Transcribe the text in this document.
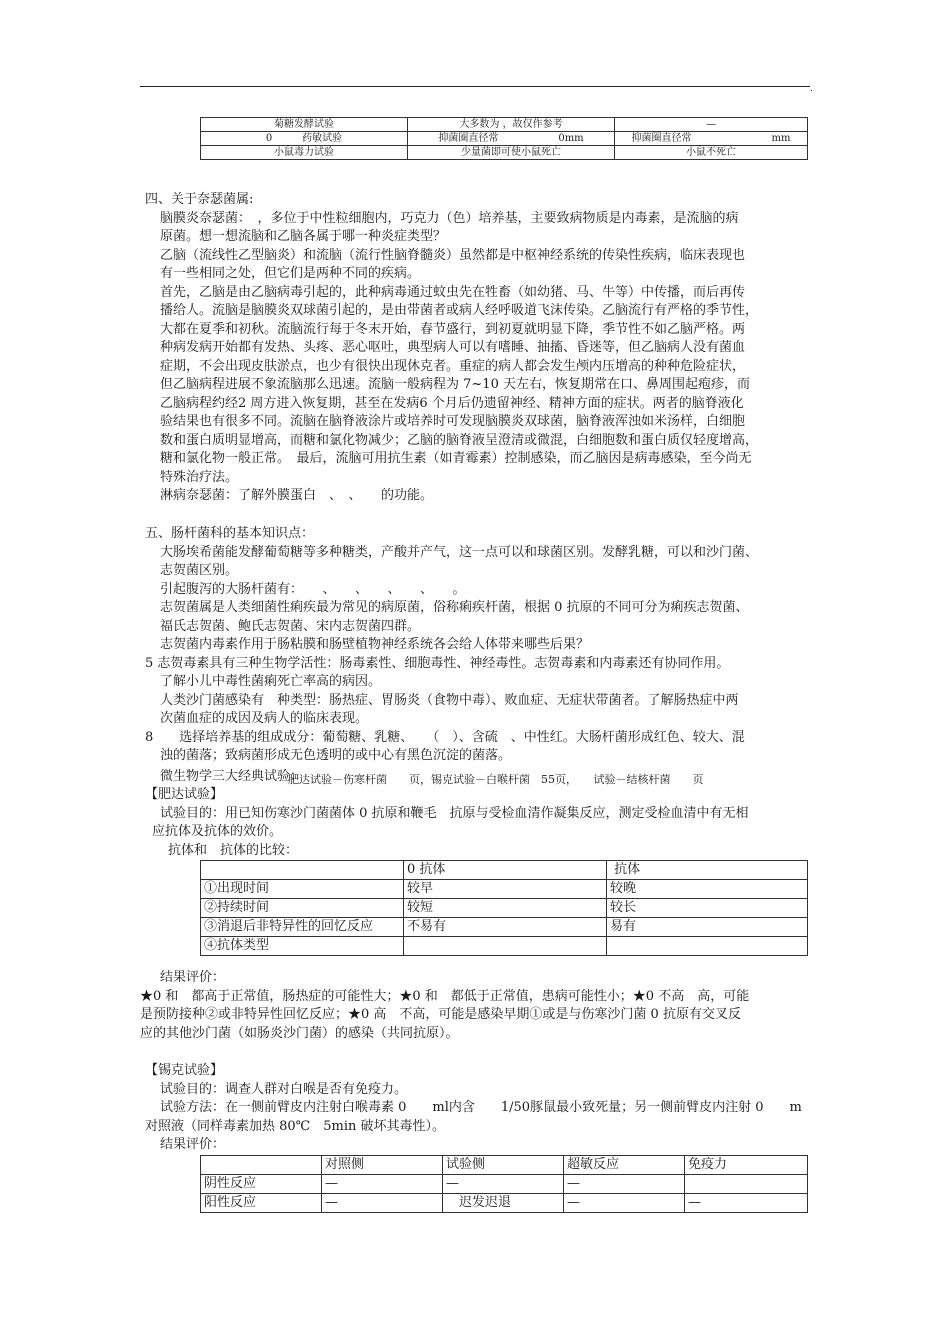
.
菊糖发酵试验	大多数为 ，故仅作参考	—
0　　　药敏试验	抑菌圈直径常　　　　　　0mm	抑菌圈直径常　　　　　　　　mm
小鼠毒力试验	少量菌即可使小鼠死亡	小鼠不死亡
四、关于奈瑟菌属:
脑膜炎奈瑟菌：　，多位于中性粒细胞内，巧克力（色）培养基，主要致病物质是内毒素，是流脑的病
原菌。想一想流脑和乙脑各属于哪一种炎症类型？
乙脑（流线性乙型脑炎）和流脑（流行性脑脊髓炎）虽然都是中枢神经系统的传染性疾病，临床表现也
有一些相同之处，但它们是两种不同的疾病。
首先，乙脑是由乙脑病毒引起的，此种病毒通过蚊虫先在牲畜（如幼猪、马、牛等）中传播，而后再传
播给人。流脑是脑膜炎双球菌引起的，是由带菌者或病人经呼吸道飞沫传染。乙脑流行有严格的季节性，
大都在夏季和初秋。流脑流行每于冬末开始，春节盛行，到初夏就明显下降，季节性不如乙脑严格。两
种病发病开始都有发热、头疼、恶心呕吐，典型病人可以有嗜睡、抽搐、昏迷等，但乙脑病人没有菌血
症期，不会出现皮肤淤点，也少有很快出现休克者。重症的病人都会发生颅内压增高的种种危险症状，
但乙脑病程进展不象流脑那么迅速。流脑一般病程为 7~10 天左右，恢复期常在口、鼻周围起疱疹，而
乙脑病程约经2 周方进入恢复期，甚至在发病6 个月后仍遗留神经、精神方面的症状。两者的脑脊液化
验结果也有很多不同。流脑在脑脊液涂片或培养时可发现脑膜炎双球菌，脑脊液浑浊如米汤样，白细胞
数和蛋白质明显增高，而糖和氯化物减少；乙脑的脑脊液呈澄清或微混，白细胞数和蛋白质仅轻度增高，
糖和氯化物一般正常。　最后，流脑可用抗生素（如青霉素）控制感染，而乙脑因是病毒感染，至今尚无
特殊治疗法。
淋病奈瑟菌：了解外膜蛋白　、　、　　的功能。
五、肠杆菌科的基本知识点：
大肠埃希菌能发酵葡萄糖等多种糖类，产酸并产气，这一点可以和球菌区别。发酵乳糖，可以和沙门菌、
志贺菌区别。
引起腹泻的大肠杆菌有：　　、　　、　　、　　、　　。
志贺菌属是人类细菌性痢疾最为常见的病原菌，俗称痢疾杆菌，根据 0 抗原的不同可分为痢疾志贺菌、
福氏志贺菌、鲍氏志贺菌、宋内志贺菌四群。
志贺菌内毒素作用于肠粘膜和肠壁植物神经系统各会给人体带来哪些后果？
5 志贺毒素具有三种生物学活性：肠毒素性、细胞毒性、神经毒性。志贺毒素和内毒素还有协同作用。
了解小儿中毒性菌痢死亡率高的病因。
人类沙门菌感染有　种类型：肠热症、胃肠炎（食物中毒）、败血症、无症状带菌者。了解肠热症中两
次菌血症的成因及病人的临床表现。
8　　选择培养基的组成成分：葡萄糖、乳糖、　　（　）、含硫　、中性红。大肠杆菌形成红色、较大、混
浊的菌落；致病菌形成无色透明的或中心有黑色沉淀的菌落。
微生物学三大经典试验：
肥达试验－伤寒杆菌　　页，锡克试验－白喉杆菌　55页，　　试验－结核杆菌　　页
【肥达试验】
试验目的：用已知伤寒沙门菌菌体 0 抗原和鞭毛　抗原与受检血清作凝集反应，测定受检血清中有无相
应抗体及抗体的效价。
抗体和　抗体的比较：
	0 抗体	抗体
①出现时间	较早	较晚
②持续时间	较短	较长
③消退后非特异性的回忆反应	不易有	易有
④抗体类型		
结果评价：
★0 和　都高于正常值，肠热症的可能性大；★0 和　都低于正常值，患病可能性小；★0 不高　高，可能
是预防接种②或非特异性回忆反应；★0 高　不高，可能是感染早期①或是与伤寒沙门菌 0 抗原有交叉反
应的其他沙门菌（如肠炎沙门菌）的感染（共同抗原）。
【锡克试验】
试验目的：调查人群对白喉是否有免疫力。
试验方法：在一侧前臂皮内注射白喉毒素 0　　ml内含　　1/50豚鼠最小致死量；另一侧前臂皮内注射 0　　m
对照液（同样毒素加热 80℃　5min 破坏其毒性）。
结果评价：
	对照侧	试验侧	超敏反应	免疫力
阴性反应	—	—	—	
阳性反应	—	　迟发迟退	—	—
